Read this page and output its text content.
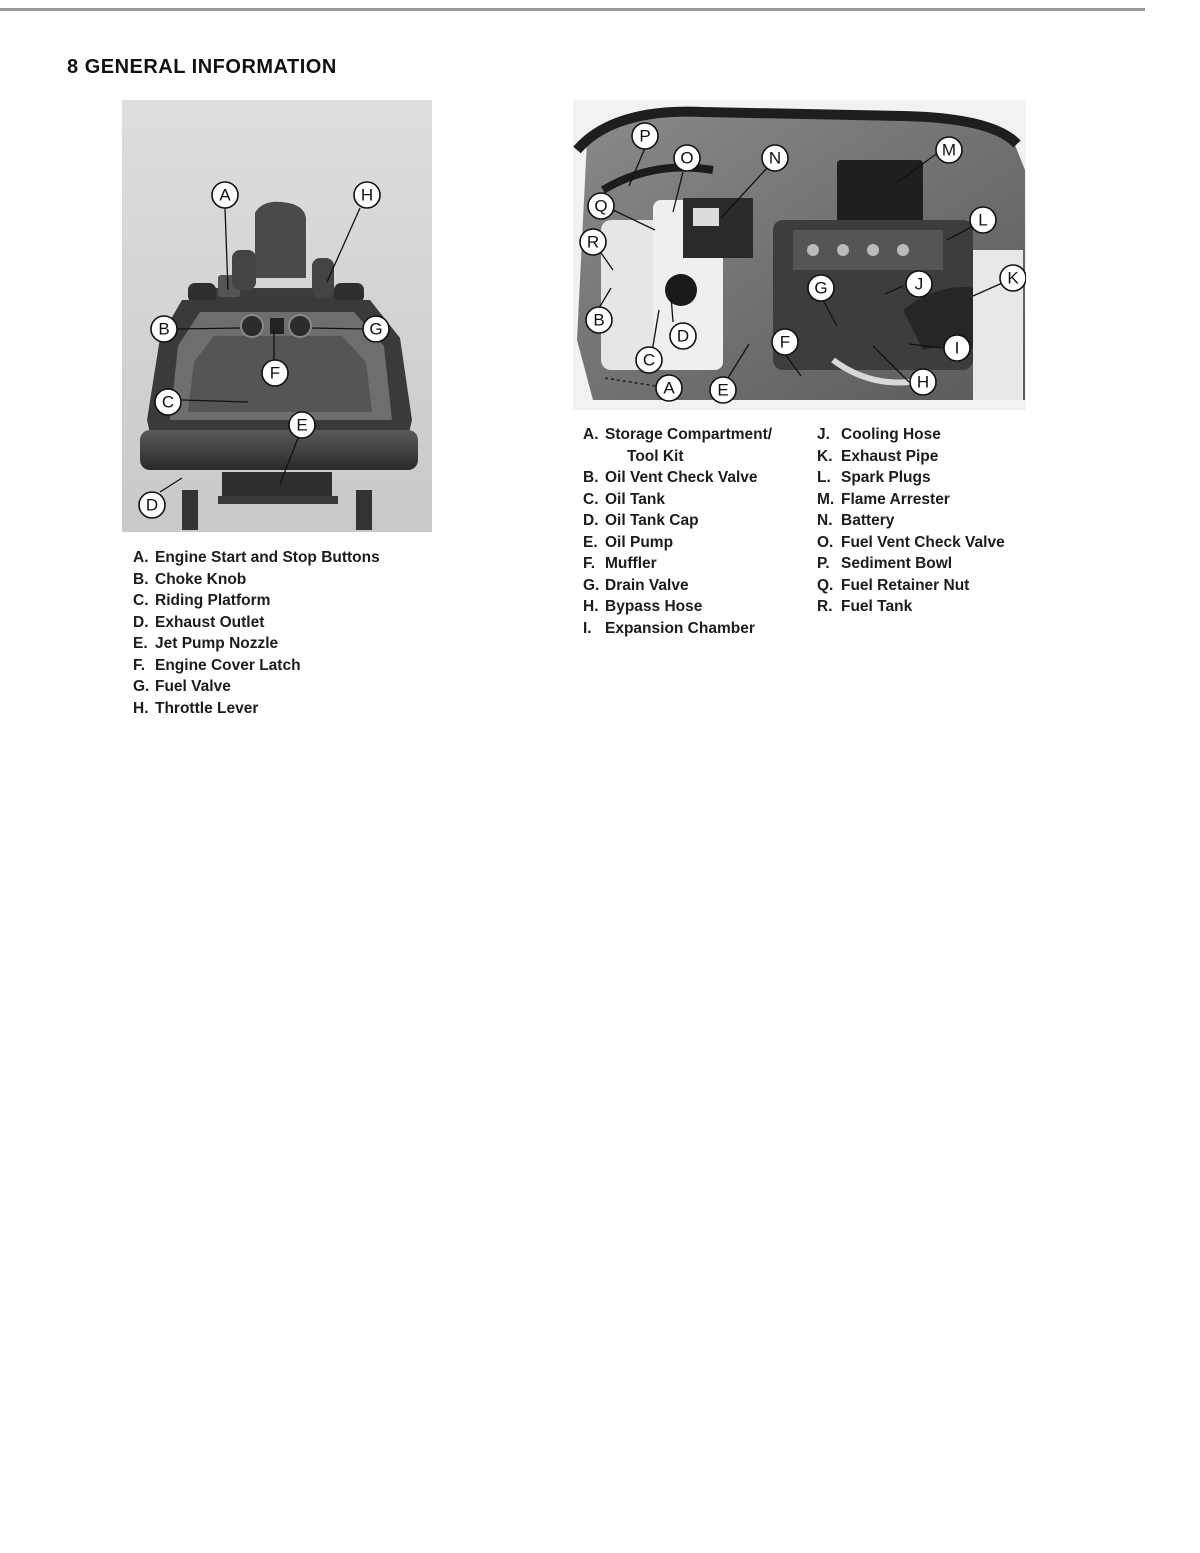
8 GENERAL INFORMATION
A	H
B	G
F
C
E
D
A. Engine Start and Stop Buttons
B. Choke Knob
C. Riding Platform
D. Exhaust Outlet
E. Jet Pump Nozzle
F. Engine Cover Latch
G. Fuel Valve
H. Throttle Lever
P
O	N	M
Q
L
R
K
G	J
B
D	F	I
C
H
A	E
A. Storage Compartment/
Tool Kit
B. Oil Vent Check Valve
C. Oil Tank
D. Oil Tank Cap
E. Oil Pump
F. Muffler
G. Drain Valve
H. Bypass Hose
I. Expansion Chamber
J. Cooling Hose
K. Exhaust Pipe
L. Spark Plugs
M. Flame Arrester
N. Battery
O. Fuel Vent Check Valve
P. Sediment Bowl
Q. Fuel Retainer Nut
R. Fuel Tank
